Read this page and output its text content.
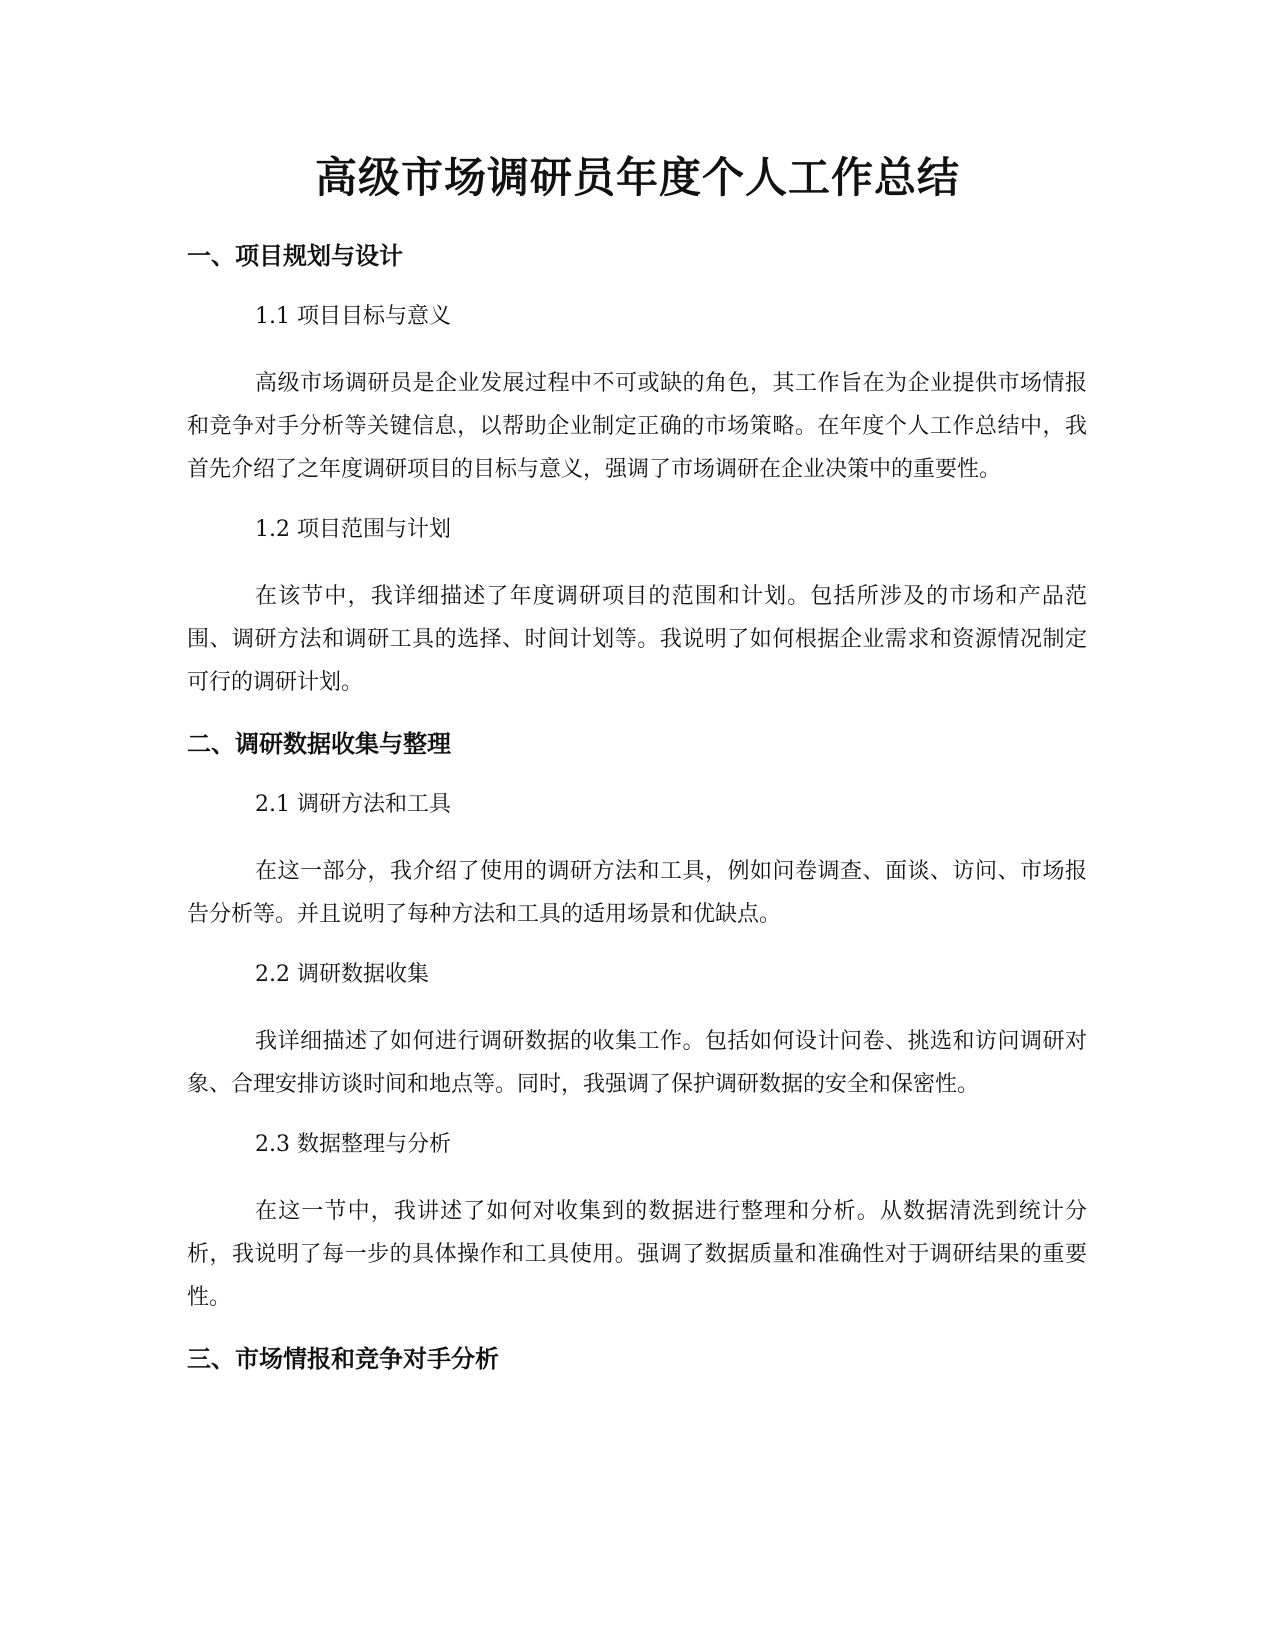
高级市场调研员年度个人工作总结

一、项目规划与设计

1.1 项目目标与意义

高级市场调研员是企业发展过程中不可或缺的角色，其工作旨在为企业提供市场情报和竞争对手分析等关键信息，以帮助企业制定正确的市场策略。在年度个人工作总结中，我首先介绍了之年度调研项目的目标与意义，强调了市场调研在企业决策中的重要性。

1.2 项目范围与计划

在该节中，我详细描述了年度调研项目的范围和计划。包括所涉及的市场和产品范围、调研方法和调研工具的选择、时间计划等。我说明了如何根据企业需求和资源情况制定可行的调研计划。

二、调研数据收集与整理

2.1 调研方法和工具

在这一部分，我介绍了使用的调研方法和工具，例如问卷调查、面谈、访问、市场报告分析等。并且说明了每种方法和工具的适用场景和优缺点。

2.2 调研数据收集

我详细描述了如何进行调研数据的收集工作。包括如何设计问卷、挑选和访问调研对象、合理安排访谈时间和地点等。同时，我强调了保护调研数据的安全和保密性。

2.3 数据整理与分析

在这一节中，我讲述了如何对收集到的数据进行整理和分析。从数据清洗到统计分析，我说明了每一步的具体操作和工具使用。强调了数据质量和准确性对于调研结果的重要性。

三、市场情报和竞争对手分析
